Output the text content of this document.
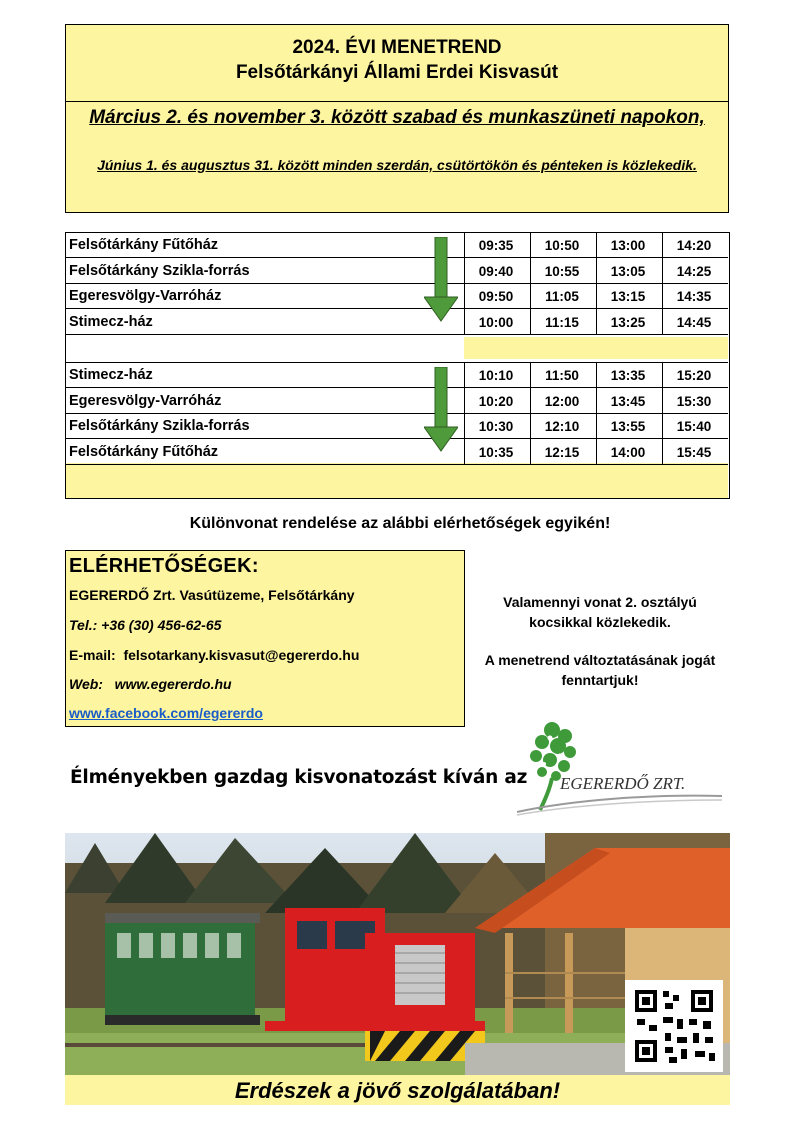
2024. ÉVI MENETREND
Felsőtárkányi Állami Erdei Kisvasút
Március 2. és november 3. között szabad és munkaszüneti napokon,
Június 1. és augusztus 31. között minden szerdán, csütörtökön és pénteken is közlekedik.
Felsőtárkány Fűtőház	09:35	10:50	13:00	14:20
Felsőtárkány Szikla-forrás	09:40	10:55	13:05	14:25
Egeresvölgy-Varróház	09:50	11:05	13:15	14:35
Stimecz-ház	10:00	11:15	13:25	14:45
Stimecz-ház	10:10	11:50	13:35	15:20
Egeresvölgy-Varróház	10:20	12:00	13:45	15:30
Felsőtárkány Szikla-forrás	10:30	12:10	13:55	15:40
Felsőtárkány Fűtőház	10:35	12:15	14:00	15:45
Különvonat rendelése az alábbi elérhetőségek egyikén!
ELÉRHETŐSÉGEK:
EGERERDŐ Zrt. Vasútüzeme, Felsőtárkány
Tel.: +36 (30) 456-62-65
E-mail: felsotarkany.kisvasut@egererdo.hu
Web: www.egererdo.hu
www.facebook.com/egererdo
Valamennyi vonat 2. osztályú kocsikkal közlekedik.
A menetrend változtatásának jogát fenntartjuk!
Élményekben gazdag kisvonatozást kíván az EGERERDŐ ZRT.
Erdészek a jövő szolgálatában!
